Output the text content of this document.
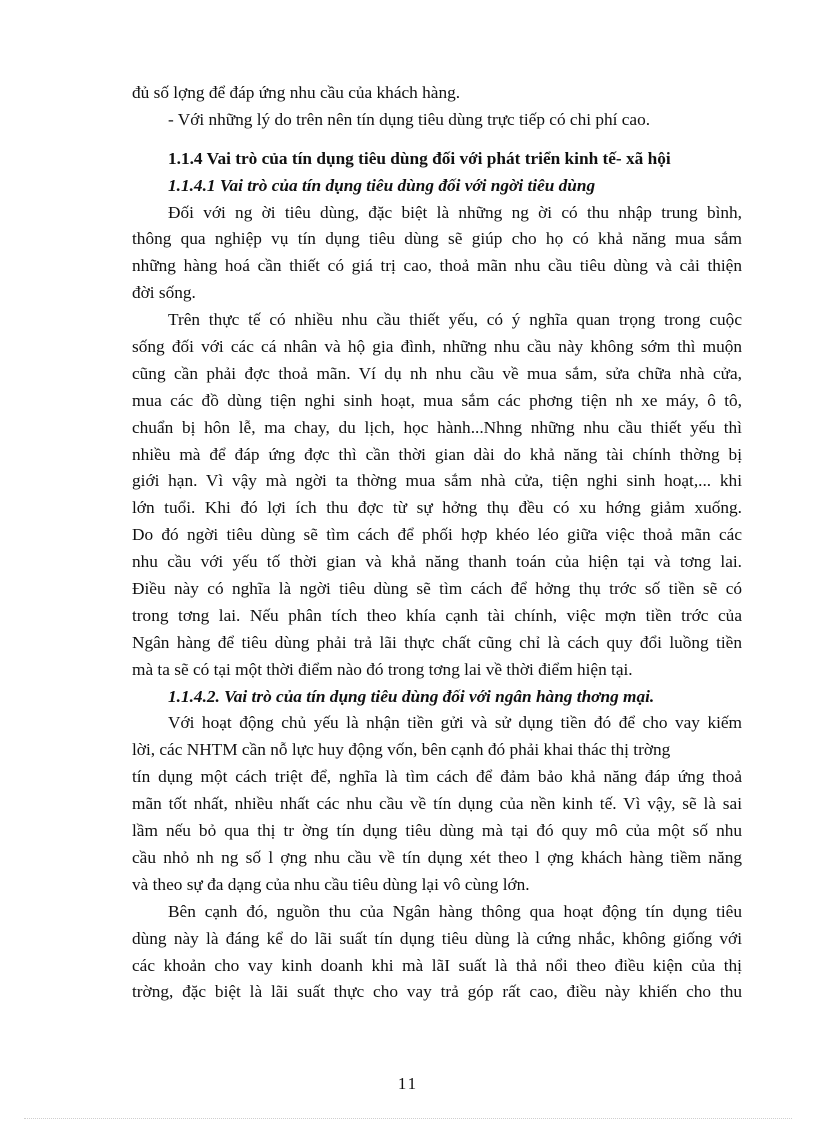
đủ số lợng để đáp ứng nhu cầu của khách hàng.
- Với những lý do trên nên tín dụng tiêu dùng trực tiếp có chi phí cao.
1.1.4 Vai trò của tín dụng tiêu dùng đối với phát triển kinh tế- xã hội
1.1.4.1 Vai trò của tín dụng tiêu dùng đối với ngời tiêu dùng
Đối với ng ời tiêu dùng, đặc biệt là những ng ời có thu nhập trung bình,
thông qua nghiệp vụ tín dụng tiêu dùng sẽ giúp cho họ có khả năng mua sắm
những hàng hoá cần thiết có giá trị cao, thoả mãn nhu cầu tiêu dùng và cải thiện
đời sống.
Trên thực tế có nhiều nhu cầu thiết yếu, có ý nghĩa quan trọng trong cuộc
sống đối với các cá nhân và hộ gia đình, những nhu cầu này không sớm thì muộn
cũng cần phải đợc thoả mãn. Ví dụ nh nhu cầu về mua sắm, sửa chữa nhà cửa,
mua các đồ dùng tiện nghi sinh hoạt, mua sắm các phơng tiện nh xe máy, ô tô,
chuẩn bị hôn lễ, ma chay, du lịch, học hành...Nhng những nhu cầu thiết yếu thì
nhiều mà để đáp ứng đợc thì cần thời gian dài do khả năng tài chính thờng bị
giới hạn. Vì vậy mà ngời ta thờng mua sắm nhà cửa, tiện nghi sinh hoạt,... khi
lớn tuổi. Khi đó lợi ích thu đợc từ sự hởng thụ đều có xu hớng giảm xuống.
Do đó ngời tiêu dùng sẽ tìm cách để phối hợp khéo léo giữa việc thoả mãn các
nhu cầu với yếu tố thời gian và khả năng thanh toán của hiện tại và tơng lai.
Điều này có nghĩa là ngời tiêu dùng sẽ tìm cách để hởng thụ trớc số tiền sẽ có
trong tơng lai. Nếu phân tích theo khía cạnh tài chính, việc mợn tiền trớc của
Ngân hàng để tiêu dùng phải trả lãi thực chất cũng chỉ là cách quy đổi luồng tiền
mà ta sẽ có tại một thời điểm nào đó trong tơng lai về thời điểm hiện tại.
1.1.4.2. Vai trò của tín dụng tiêu dùng đối với ngân hàng thơng mại.
Với hoạt động chủ yếu là nhận tiền gửi và sử dụng tiền đó để cho vay kiếm
lời, các NHTM cần nỗ lực huy động vốn, bên cạnh đó phải khai thác thị trờng
tín dụng một cách triệt để, nghĩa là tìm cách để đảm bảo khả năng đáp ứng thoả
mãn tốt nhất, nhiều nhất các nhu cầu về tín dụng của nền kinh tế. Vì vậy, sẽ là sai
lầm nếu bỏ qua thị tr ờng tín dụng tiêu dùng mà tại đó quy mô của một số nhu
cầu nhỏ nh ng số l ợng nhu cầu về tín dụng xét theo l ợng khách hàng tiềm năng
và theo sự đa dạng của nhu cầu tiêu dùng lại vô cùng lớn.
Bên cạnh đó, nguồn thu của Ngân hàng thông qua hoạt động tín dụng tiêu
dùng này là đáng kể do lãi suất tín dụng tiêu dùng là cứng nhắc, không giống với
các khoản cho vay kinh doanh khi mà lãI suất là thả nổi theo điều kiện của thị
trờng, đặc biệt là lãi suất thực cho vay trả góp rất cao, điều này khiến cho thu
11
